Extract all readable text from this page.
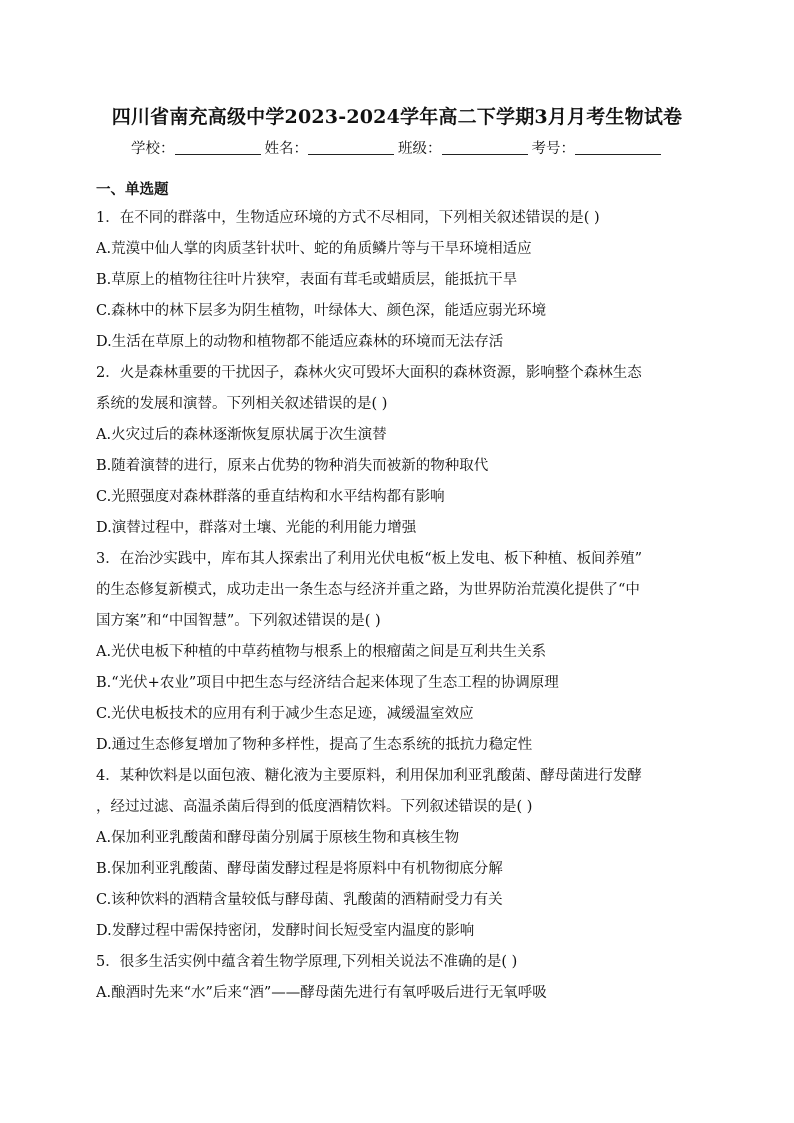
四川省南充高级中学2023-2024学年高二下学期3月月考生物试卷
学校：	姓名：	班级：	考号：
一、单选题
1．在不同的群落中，生物适应环境的方式不尽相同，下列相关叙述错误的是( )
A.荒漠中仙人掌的肉质茎针状叶、蛇的角质鳞片等与干旱环境相适应
B.草原上的植物往往叶片狭窄，表面有茸毛或蜡质层，能抵抗干旱
C.森林中的林下层多为阴生植物，叶绿体大、颜色深，能适应弱光环境
D.生活在草原上的动物和植物都不能适应森林的环境而无法存活
2．火是森林重要的干扰因子，森林火灾可毁坏大面积的森林资源，影响整个森林生态
系统的发展和演替。下列相关叙述错误的是( )
A.火灾过后的森林逐渐恢复原状属于次生演替
B.随着演替的进行，原来占优势的物种消失而被新的物种取代
C.光照强度对森林群落的垂直结构和水平结构都有影响
D.演替过程中，群落对土壤、光能的利用能力增强
3．在治沙实践中，库布其人探索出了利用光伏电板“板上发电、板下种植、板间养殖”
的生态修复新模式，成功走出一条生态与经济并重之路，为世界防治荒漠化提供了“中
国方案”和“中国智慧”。下列叙述错误的是( )
A.光伏电板下种植的中草药植物与根系上的根瘤菌之间是互利共生关系
B.“光伏+农业”项目中把生态与经济结合起来体现了生态工程的协调原理
C.光伏电板技术的应用有利于减少生态足迹，减缓温室效应
D.通过生态修复增加了物种多样性，提高了生态系统的抵抗力稳定性
4．某种饮料是以面包液、糖化液为主要原料，利用保加利亚乳酸菌、酵母菌进行发酵
，经过过滤、高温杀菌后得到的低度酒精饮料。下列叙述错误的是( )
A.保加利亚乳酸菌和酵母菌分别属于原核生物和真核生物
B.保加利亚乳酸菌、酵母菌发酵过程是将原料中有机物彻底分解
C.该种饮料的酒精含量较低与酵母菌、乳酸菌的酒精耐受力有关
D.发酵过程中需保持密闭，发酵时间长短受室内温度的影响
5．很多生活实例中蕴含着生物学原理,下列相关说法不准确的是( )
A.酿酒时先来“水”后来“酒”——酵母菌先进行有氧呼吸后进行无氧呼吸
